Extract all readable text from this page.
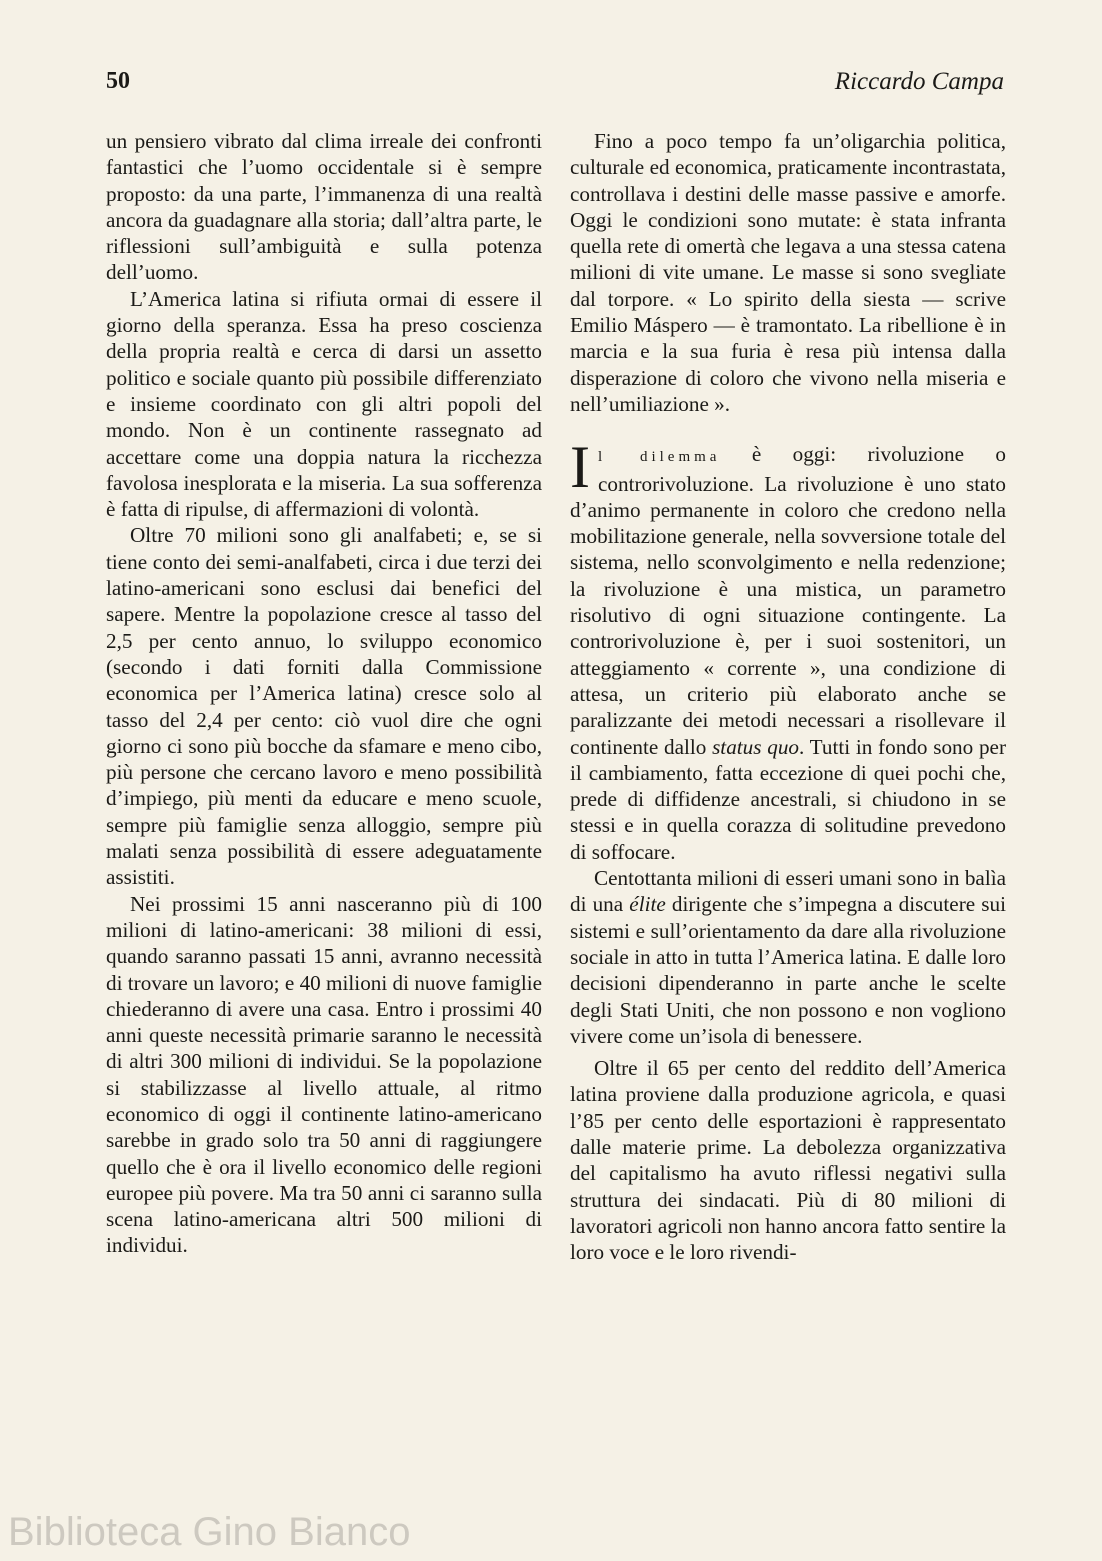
50	Riccardo Campa

un pensiero vibrato dal clima irreale dei confronti fantastici che l’uomo occidentale si è sempre proposto: da una parte, l’immanenza di una realtà ancora da guadagnare alla storia; dall’altra parte, le riflessioni sull’ambiguità e sulla potenza dell’uomo.

L’America latina si rifiuta ormai di essere il giorno della speranza. Essa ha preso coscienza della propria realtà e cerca di darsi un assetto politico e sociale quanto più possibile differenziato e insieme coordinato con gli altri popoli del mondo. Non è un continente rassegnato ad accettare come una doppia natura la ricchezza favolosa inesplorata e la miseria. La sua sofferenza è fatta di ripulse, di affermazioni di volontà.

Oltre 70 milioni sono gli analfabeti; e, se si tiene conto dei semi-analfabeti, circa i due terzi dei latino-americani sono esclusi dai benefici del sapere. Mentre la popolazione cresce al tasso del 2,5 per cento annuo, lo sviluppo economico (secondo i dati forniti dalla Commissione economica per l’America latina) cresce solo al tasso del 2,4 per cento: ciò vuol dire che ogni giorno ci sono più bocche da sfamare e meno cibo, più persone che cercano lavoro e meno possibilità d’impiego, più menti da educare e meno scuole, sempre più famiglie senza alloggio, sempre più malati senza possibilità di essere adeguatamente assistiti.

Nei prossimi 15 anni nasceranno più di 100 milioni di latino-americani: 38 milioni di essi, quando saranno passati 15 anni, avranno necessità di trovare un lavoro; e 40 milioni di nuove famiglie chiederanno di avere una casa. Entro i prossimi 40 anni queste necessità primarie saranno le necessità di altri 300 milioni di individui. Se la popolazione si stabilizzasse al livello attuale, al ritmo economico di oggi il continente latino-americano sarebbe in grado solo tra 50 anni di raggiungere quello che è ora il livello economico delle regioni europee più povere. Ma tra 50 anni ci saranno sulla scena latino-americana altri 500 milioni di individui.

Fino a poco tempo fa un’oligarchia politica, culturale ed economica, praticamente incontrastata, controllava i destini delle masse passive e amorfe. Oggi le condizioni sono mutate: è stata infranta quella rete di omertà che legava a una stessa catena milioni di vite umane. Le masse si sono svegliate dal torpore. « Lo spirito della siesta — scrive Emilio Máspero — è tramontato. La ribellione è in marcia e la sua furia è resa più intensa dalla disperazione di coloro che vivono nella miseria e nell’umiliazione ».

Il dilemma è oggi: rivoluzione o controrivoluzione. La rivoluzione è uno stato d’animo permanente in coloro che credono nella mobilitazione generale, nella sovversione totale del sistema, nello sconvolgimento e nella redenzione; la rivoluzione è una mistica, un parametro risolutivo di ogni situazione contingente. La controrivoluzione è, per i suoi sostenitori, un atteggiamento « corrente », una condizione di attesa, un criterio più elaborato anche se paralizzante dei metodi necessari a risollevare il continente dallo status quo. Tutti in fondo sono per il cambiamento, fatta eccezione di quei pochi che, prede di diffidenze ancestrali, si chiudono in se stessi e in quella corazza di solitudine prevedono di soffocare.

Centottanta milioni di esseri umani sono in balìa di una élite dirigente che s’impegna a discutere sui sistemi e sull’orientamento da dare alla rivoluzione sociale in atto in tutta l’America latina. E dalle loro decisioni dipenderanno in parte anche le scelte degli Stati Uniti, che non possono e non vogliono vivere come un’isola di benessere.

Oltre il 65 per cento del reddito dell’America latina proviene dalla produzione agricola, e quasi l’85 per cento delle esportazioni è rappresentato dalle materie prime. La debolezza organizzativa del capitalismo ha avuto riflessi negativi sulla struttura dei sindacati. Più di 80 milioni di lavoratori agricoli non hanno ancora fatto sentire la loro voce e le loro rivendi-

Biblioteca Gino Bianco
